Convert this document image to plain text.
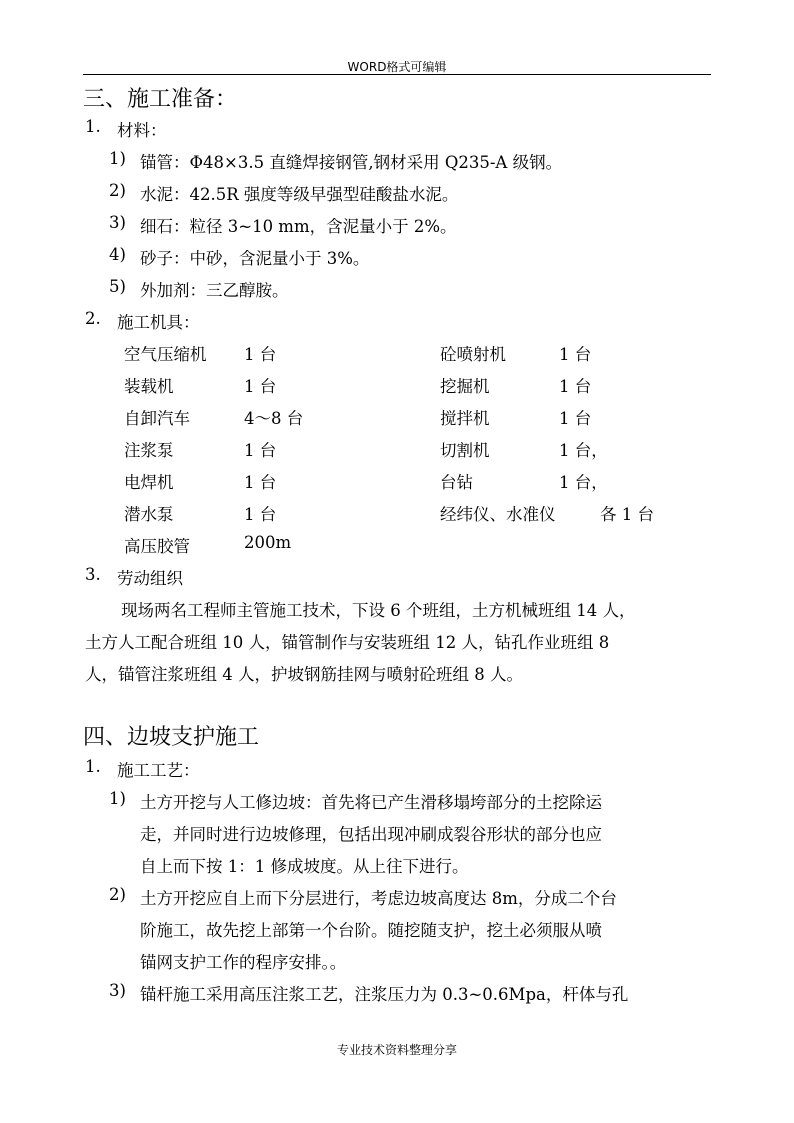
WORD格式可编辑
三、施工准备：
1. 材料：
1) 锚管：Φ48×3.5 直缝焊接钢管,钢材采用 Q235-A 级钢。
2) 水泥：42.5R 强度等级早强型硅酸盐水泥。
3) 细石：粒径 3~10 mm，含泥量小于 2%。
4) 砂子：中砂，含泥量小于 3%。
5) 外加剂：三乙醇胺。
2. 施工机具：
空气压缩机 1 台	砼喷射机	1 台
装载机	1 台	挖掘机	1 台
自卸汽车	4～8 台	搅拌机	1 台
注浆泵	1 台	切割机	1 台，
电焊机	1 台	台钻	1 台，
潜水泵	1 台	经纬仪、水准仪	各 1 台
高压胶管	200m
3. 劳动组织
现场两名工程师主管施工技术，下设 6 个班组，土方机械班组 14 人，
土方人工配合班组 10 人，锚管制作与安装班组 12 人，钻孔作业班组 8
人，锚管注浆班组 4 人，护坡钢筋挂网与喷射砼班组 8 人。
四、边坡支护施工
1. 施工工艺：
1) 土方开挖与人工修边坡：首先将已产生滑移塌垮部分的土挖除运
走，并同时进行边坡修理，包括出现冲刷成裂谷形状的部分也应
自上而下按 1：1 修成坡度。从上往下进行。
2) 土方开挖应自上而下分层进行，考虑边坡高度达 8m，分成二个台
阶施工，故先挖上部第一个台阶。随挖随支护，挖土必须服从喷
锚网支护工作的程序安排。。
3) 锚杆施工采用高压注浆工艺，注浆压力为 0.3~0.6Mpa，杆体与孔
专业技术资料整理分享
